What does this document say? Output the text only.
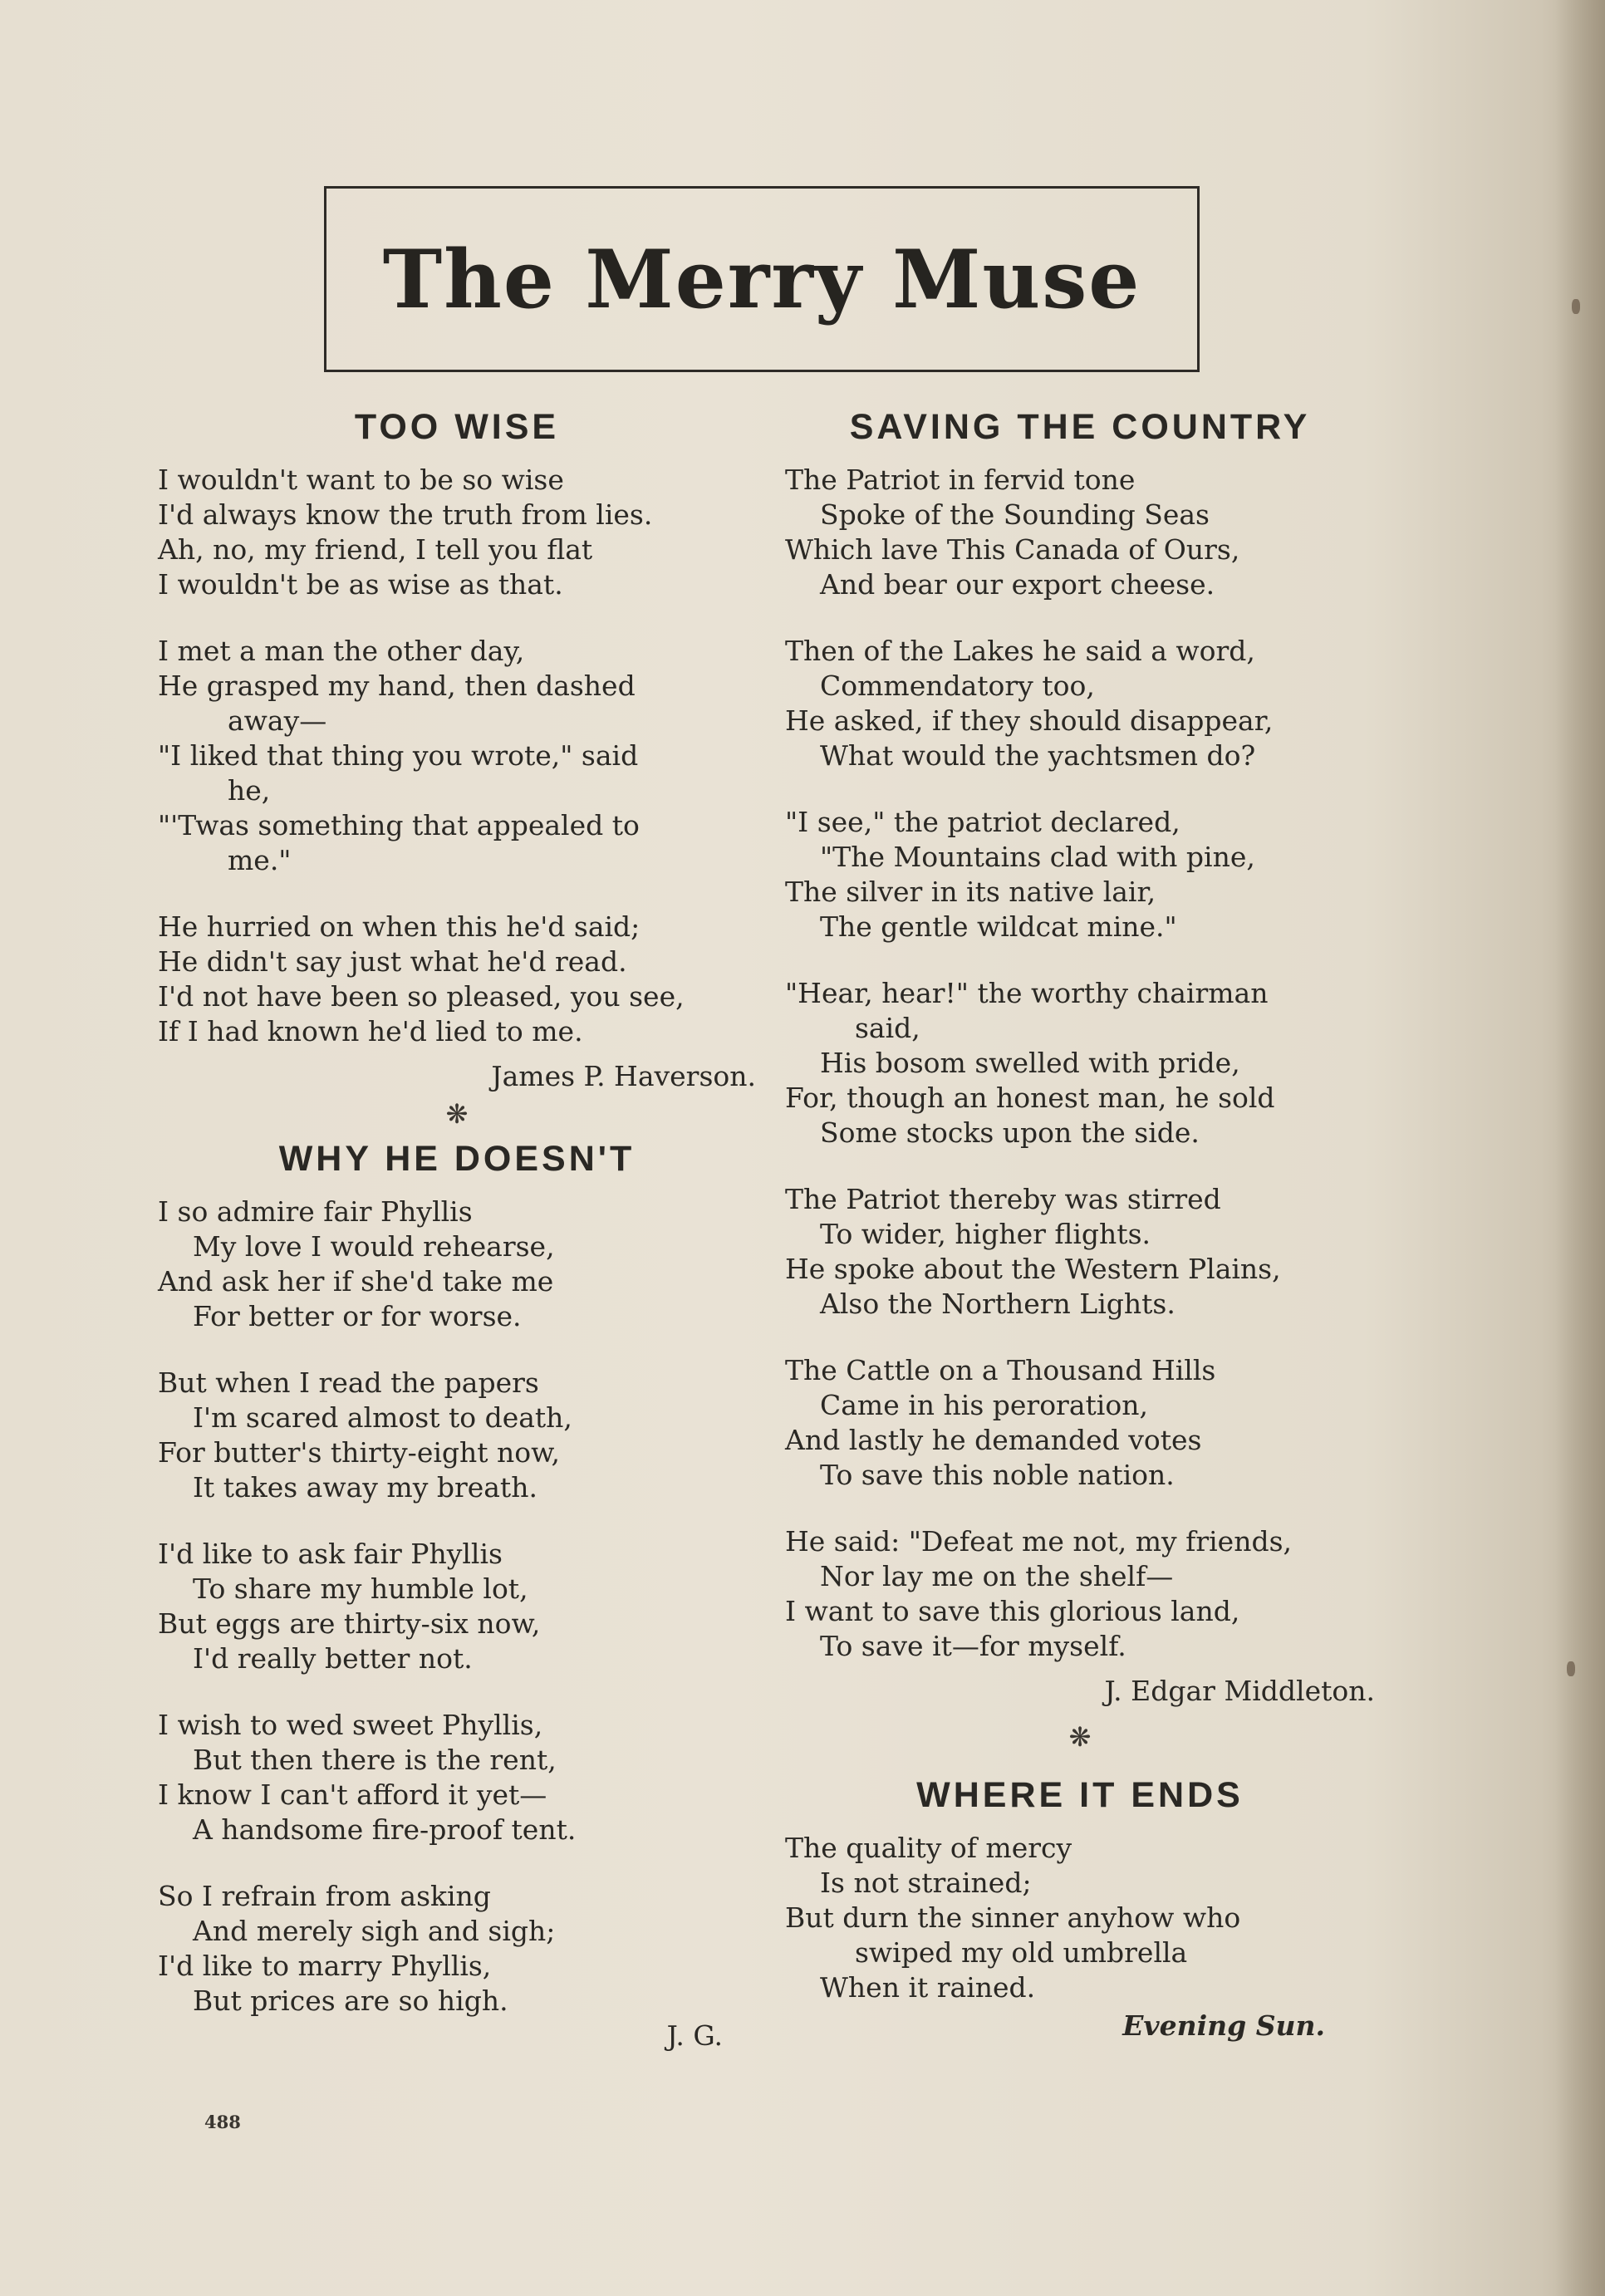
The Merry Muse
TOO WISE

I wouldn't want to be so wise

I'd always know the truth from lies.

Ah, no, my friend, I tell you flat

I wouldn't be as wise as that.

I met a man the other day,

He grasped my hand, then dashed

away—

"I liked that thing you wrote," said

he,

"'Twas something that appealed to

me."

He hurried on when this he'd said;

He didn't say just what he'd read.

I'd not have been so pleased, you see,

If I had known he'd lied to me.

James P. Haverson.

❋
WHY HE DOESN'T

I so admire fair Phyllis

My love I would rehearse,

And ask her if she'd take me

For better or for worse.

But when I read the papers

I'm scared almost to death,

For butter's thirty-eight now,

It takes away my breath.

I'd like to ask fair Phyllis

To share my humble lot,

But eggs are thirty-six now,

I'd really better not.

I wish to wed sweet Phyllis,

But then there is the rent,

I know I can't afford it yet—

A handsome fire-proof tent.

So I refrain from asking

And merely sigh and sigh;

I'd like to marry Phyllis,

But prices are so high.

J. G.

SAVING THE COUNTRY

The Patriot in fervid tone

Spoke of the Sounding Seas

Which lave This Canada of Ours,

And bear our export cheese.

Then of the Lakes he said a word,

Commendatory too,

He asked, if they should disappear,

What would the yachtsmen do?

"I see," the patriot declared,

"The Mountains clad with pine,

The silver in its native lair,

The gentle wildcat mine."

"Hear, hear!" the worthy chairman

said,

His bosom swelled with pride,

For, though an honest man, he sold

Some stocks upon the side.

The Patriot thereby was stirred

To wider, higher flights.

He spoke about the Western Plains,

Also the Northern Lights.

The Cattle on a Thousand Hills

Came in his peroration,

And lastly he demanded votes

To save this noble nation.

He said: "Defeat me not, my friends,

Nor lay me on the shelf—

I want to save this glorious land,

To save it—for myself.

J. Edgar Middleton.

❋
WHERE IT ENDS

The quality of mercy

Is not strained;

But durn the sinner anyhow who

swiped my old umbrella

When it rained.

Evening Sun.

488
